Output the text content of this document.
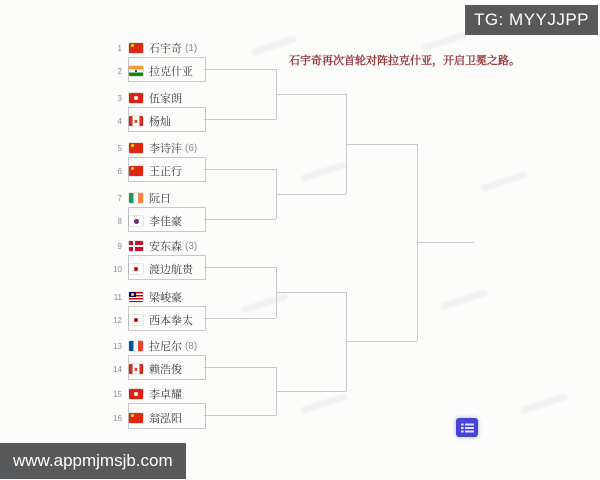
1 石宇奇 (1)
2 拉克什亚
3 伍家朗
4 杨灿
5 李诗沣 (6)
6 王正行
7 阮日
8 李佳豪
9 安东森 (3)
10 渡边航贵
11 梁峻豪
12 西本拳太
13 拉尼尔 (8)
14 赖浩俊
15 李卓耀
16 翁泓阳
石宇奇再次首轮对阵拉克什亚，开启卫冕之路。
TG: MYYJJPP
www.appmjmsjb.com
